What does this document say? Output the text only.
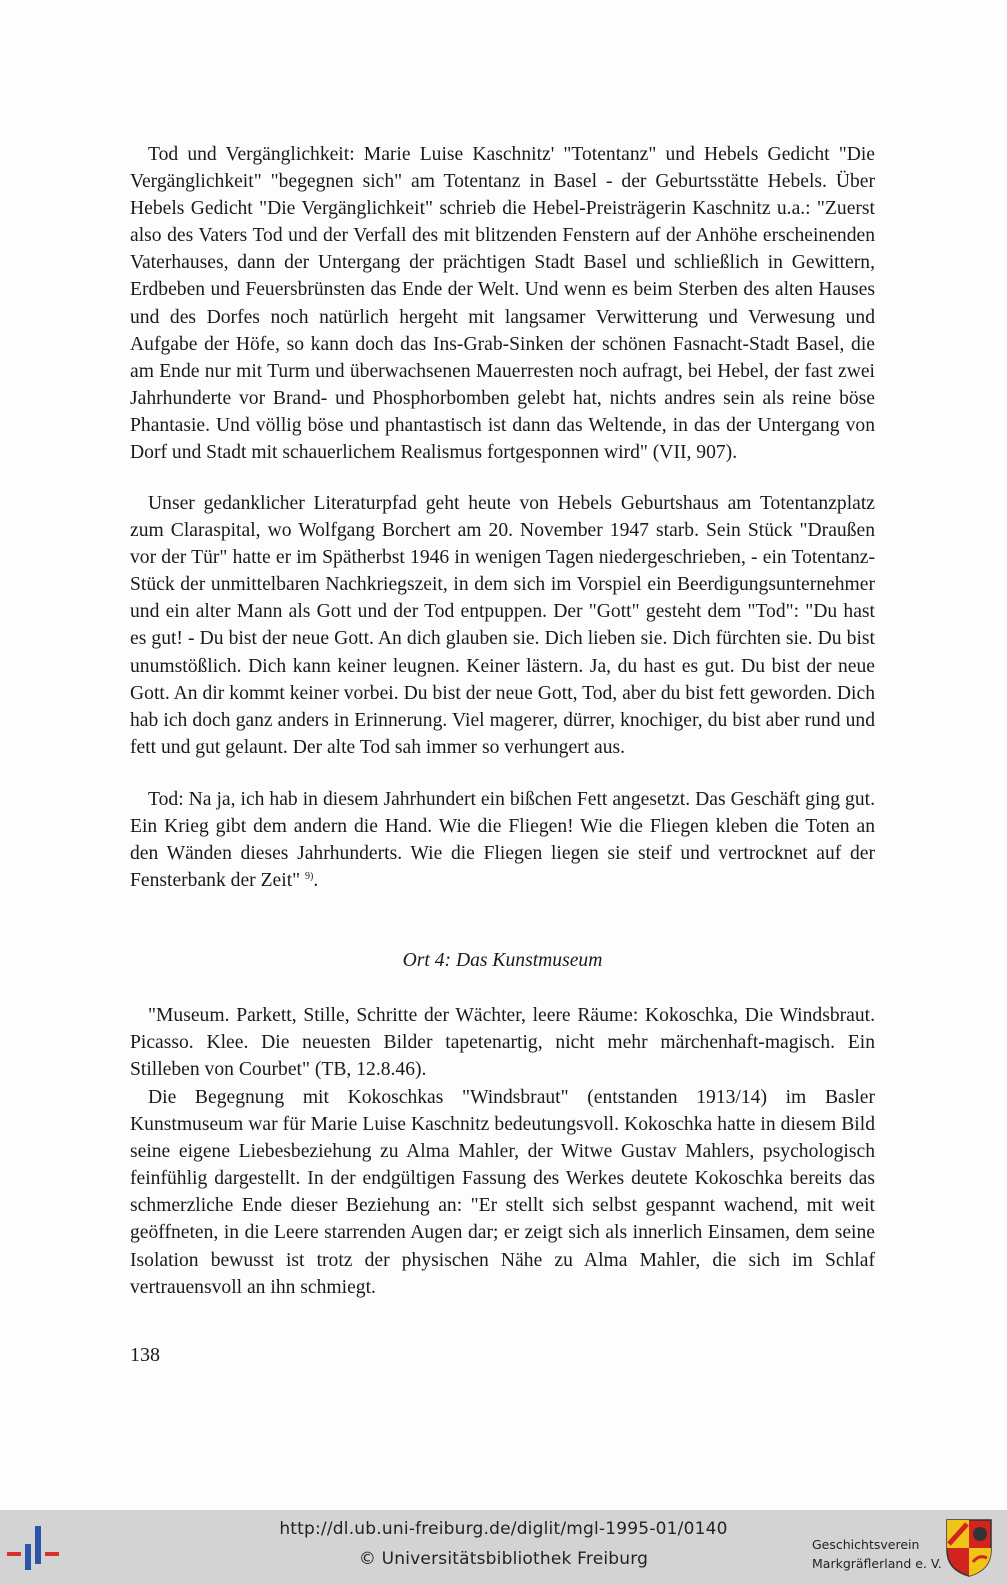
Tod und Vergänglichkeit: Marie Luise Kaschnitz' "Totentanz" und Hebels Gedicht "Die Vergänglichkeit" "begegnen sich" am Totentanz in Basel - der Geburtsstätte Hebels. Über Hebels Gedicht "Die Vergänglichkeit" schrieb die Hebel-Preisträgerin Kaschnitz u.a.: "Zuerst also des Vaters Tod und der Verfall des mit blitzenden Fenstern auf der Anhöhe erscheinenden Vaterhauses, dann der Untergang der prächtigen Stadt Basel und schließlich in Gewittern, Erdbeben und Feuersbrünsten das Ende der Welt. Und wenn es beim Sterben des alten Hauses und des Dorfes noch natürlich hergeht mit langsamer Verwitterung und Verwesung und Aufgabe der Höfe, so kann doch das Ins-Grab-Sinken der schönen Fasnacht-Stadt Basel, die am Ende nur mit Turm und überwachsenen Mauerresten noch aufragt, bei Hebel, der fast zwei Jahrhunderte vor Brand- und Phosphorbomben gelebt hat, nichts andres sein als reine böse Phantasie. Und völlig böse und phantastisch ist dann das Weltende, in das der Untergang von Dorf und Stadt mit schauerlichem Realismus fortgesponnen wird" (VII, 907).

Unser gedanklicher Literaturpfad geht heute von Hebels Geburtshaus am Totentanzplatz zum Claraspital, wo Wolfgang Borchert am 20. November 1947 starb. Sein Stück "Draußen vor der Tür" hatte er im Spätherbst 1946 in wenigen Tagen niedergeschrieben, - ein Totentanz-Stück der unmittelbaren Nachkriegszeit, in dem sich im Vorspiel ein Beerdigungsunternehmer und ein alter Mann als Gott und der Tod entpuppen. Der "Gott" gesteht dem "Tod": "Du hast es gut! - Du bist der neue Gott. An dich glauben sie. Dich lieben sie. Dich fürchten sie. Du bist unumstößlich. Dich kann keiner leugnen. Keiner lästern. Ja, du hast es gut. Du bist der neue Gott. An dir kommt keiner vorbei. Du bist der neue Gott, Tod, aber du bist fett geworden. Dich hab ich doch ganz anders in Erinnerung. Viel magerer, dürrer, knochiger, du bist aber rund und fett und gut gelaunt. Der alte Tod sah immer so verhungert aus.

Tod: Na ja, ich hab in diesem Jahrhundert ein bißchen Fett angesetzt. Das Geschäft ging gut. Ein Krieg gibt dem andern die Hand. Wie die Fliegen! Wie die Fliegen kleben die Toten an den Wänden dieses Jahrhunderts. Wie die Fliegen liegen sie steif und vertrocknet auf der Fensterbank der Zeit" $^{9)}$.

Ort 4: Das Kunstmuseum

"Museum. Parkett, Stille, Schritte der Wächter, leere Räume: Kokoschka, Die Windsbraut. Picasso. Klee. Die neuesten Bilder tapetenartig, nicht mehr märchenhaft-magisch. Ein Stilleben von Courbet" (TB, 12.8.46).

Die Begegnung mit Kokoschkas "Windsbraut" (entstanden 1913/14) im Basler Kunstmuseum war für Marie Luise Kaschnitz bedeutungsvoll. Kokoschka hatte in diesem Bild seine eigene Liebesbeziehung zu Alma Mahler, der Witwe Gustav Mahlers, psychologisch feinfühlig dargestellt. In der endgültigen Fassung des Werkes deutete Kokoschka bereits das schmerzliche Ende dieser Beziehung an: "Er stellt sich selbst gespannt wachend, mit weit geöffneten, in die Leere starrenden Augen dar; er zeigt sich als innerlich Einsamen, dem seine Isolation bewusst ist trotz der physischen Nähe zu Alma Mahler, die sich im Schlaf vertrauensvoll an ihn schmiegt.

138
http://dl.ub.uni-freiburg.de/diglit/mgl-1995-01/0140
© Universitätsbibliothek Freiburg
Geschichtsverein
Markgräflerland e. V.
